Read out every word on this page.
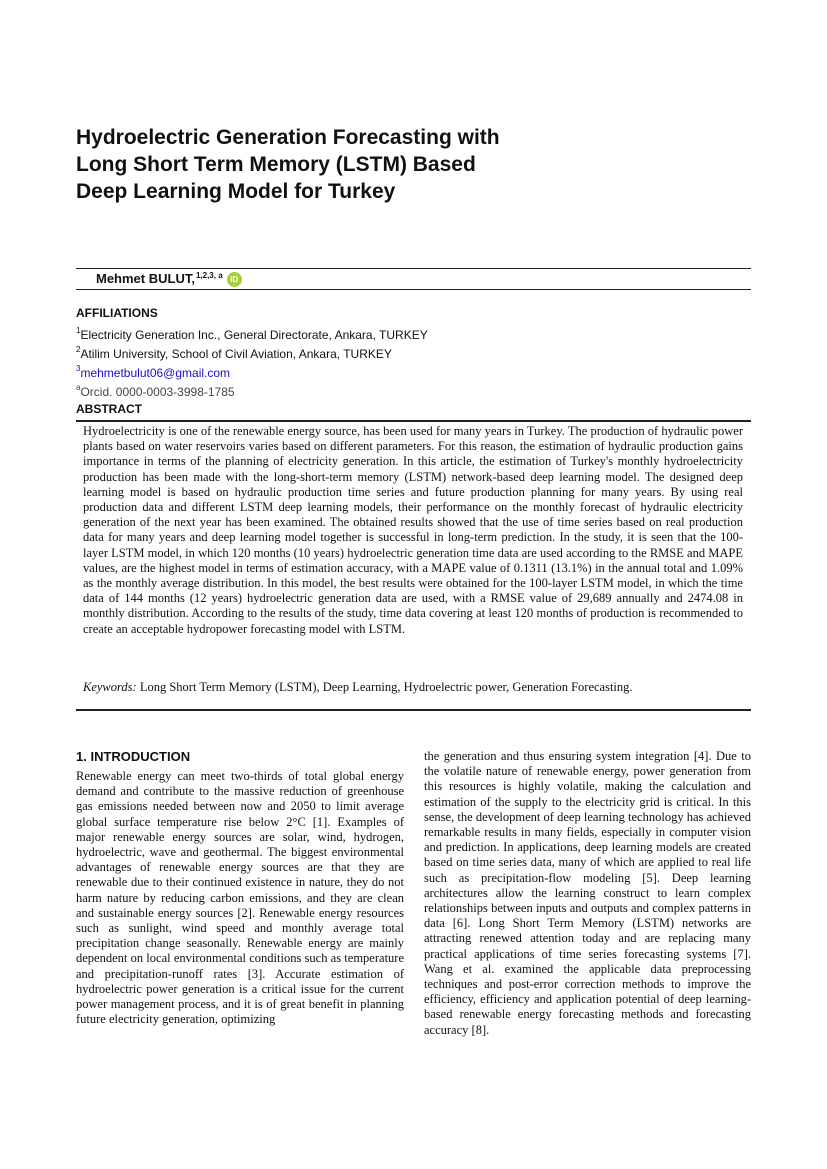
Hydroelectric Generation Forecasting with
Long Short Term Memory (LSTM) Based
Deep Learning Model for Turkey
Mehmet BULUT,$^{1,2,3, a}$ iD
AFFILIATIONS
$^1$Electricity Generation Inc., General Directorate, Ankara, TURKEY
$^2$Atilim University, School of Civil Aviation, Ankara, TURKEY
$^3$mehmetbulut06@gmail.com
$^a$Orcid. 0000-0003-3998-1785
ABSTRACT

Hydroelectricity is one of the renewable energy source, has been used for many years in Turkey. The production of hydraulic power plants based on water reservoirs varies based on different parameters. For this reason, the estimation of hydraulic production gains importance in terms of the planning of electricity generation. In this article, the estimation of Turkey's monthly hydroelectricity production has been made with the long-short-term memory (LSTM) network-based deep learning model. The designed deep learning model is based on hydraulic production time series and future production planning for many years. By using real production data and different LSTM deep learning models, their performance on the monthly forecast of hydraulic electricity generation of the next year has been examined. The obtained results showed that the use of time series based on real production data for many years and deep learning model together is successful in long-term prediction. In the study, it is seen that the 100-layer LSTM model, in which 120 months (10 years) hydroelectric generation time data are used according to the RMSE and MAPE values, are the highest model in terms of estimation accuracy, with a MAPE value of 0.1311 (13.1%) in the annual total and 1.09% as the monthly average distribution. In this model, the best results were obtained for the 100-layer LSTM model, in which the time data of 144 months (12 years) hydroelectric generation data are used, with a RMSE value of 29,689 annually and 2474.08 in monthly distribution. According to the results of the study, time data covering at least 120 months of production is recommended to create an acceptable hydropower forecasting model with LSTM.

Keywords: Long Short Term Memory (LSTM), Deep Learning, Hydroelectric power, Generation Forecasting.
1. INTRODUCTION

Renewable energy can meet two-thirds of total global energy demand and contribute to the massive reduction of greenhouse gas emissions needed between now and 2050 to limit average global surface temperature rise below 2°C [1]. Examples of major renewable energy sources are solar, wind, hydrogen, hydroelectric, wave and geothermal. The biggest environmental advantages of renewable energy sources are that they are renewable due to their continued existence in nature, they do not harm nature by reducing carbon emissions, and they are clean and sustainable energy sources [2]. Renewable energy resources such as sunlight, wind speed and monthly average total precipitation change seasonally. Renewable energy are mainly dependent on local environmental conditions such as temperature and precipitation-runoff rates [3]. Accurate estimation of hydroelectric power generation is a critical issue for the current power management process, and it is of great benefit in planning future electricity generation, optimizing

the generation and thus ensuring system integration [4]. Due to the volatile nature of renewable energy, power generation from this resources is highly volatile, making the calculation and estimation of the supply to the electricity grid is critical. In this sense, the development of deep learning technology has achieved remarkable results in many fields, especially in computer vision and prediction. In applications, deep learning models are created based on time series data, many of which are applied to real life such as precipitation-flow modeling [5]. Deep learning architectures allow the learning construct to learn complex relationships between inputs and outputs and complex patterns in data [6]. Long Short Term Memory (LSTM) networks are attracting renewed attention today and are replacing many practical applications of time series forecasting systems [7]. Wang et al. examined the applicable data preprocessing techniques and post-error correction methods to improve the efficiency, efficiency and application potential of deep learning-based renewable energy forecasting methods and forecasting accuracy [8].
